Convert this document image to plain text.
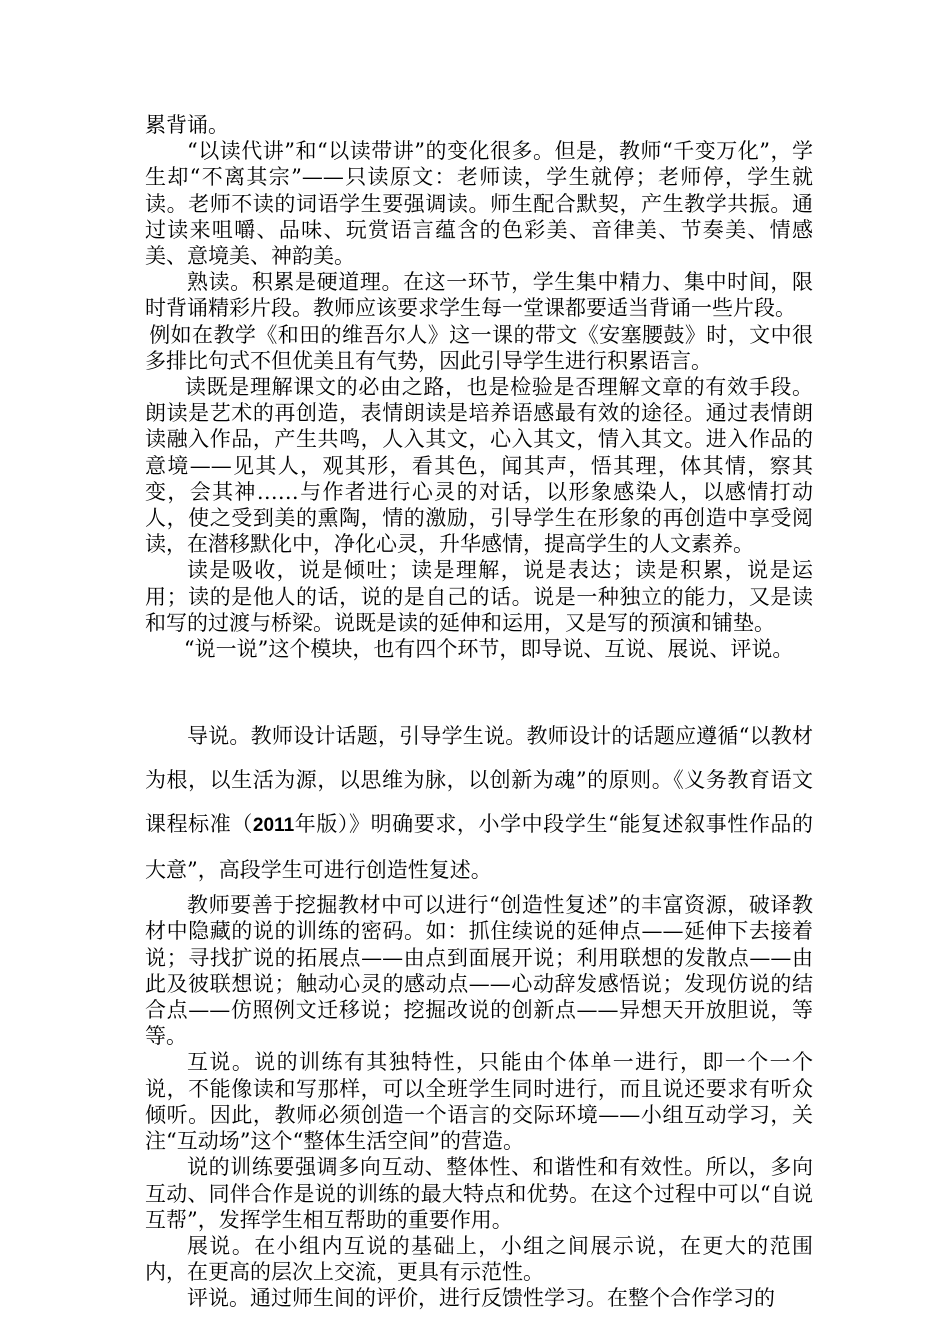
累背诵。

“以读代讲”和“以读带讲”的变化很多。但是，教师“千变万化”，学生却“不离其宗”——只读原文：老师读，学生就停；老师停，学生就读。老师不读的词语学生要强调读。师生配合默契，产生教学共振。通过读来咀嚼、品味、玩赏语言蕴含的色彩美、音律美、节奏美、情感美、意境美、神韵美。

熟读。积累是硬道理。在这一环节，学生集中精力、集中时间，限时背诵精彩片段。教师应该要求学生每一堂课都要适当背诵一些片段。

例如在教学《和田的维吾尔人》这一课的带文《安塞腰鼓》时，文中很多排比句式不但优美且有气势，因此引导学生进行积累语言。

读既是理解课文的必由之路，也是检验是否理解文章的有效手段。朗读是艺术的再创造，表情朗读是培养语感最有效的途径。通过表情朗读融入作品，产生共鸣，人入其文，心入其文，情入其文。进入作品的意境——见其人，观其形，看其色，闻其声，悟其理，体其情，察其变，会其神……与作者进行心灵的对话，以形象感染人，以感情打动人，使之受到美的熏陶，情的激励，引导学生在形象的再创造中享受阅读，在潜移默化中，净化心灵，升华感情，提高学生的人文素养。

读是吸收，说是倾吐；读是理解，说是表达；读是积累，说是运用；读的是他人的话，说的是自己的话。说是一种独立的能力，又是读和写的过渡与桥梁。说既是读的延伸和运用，又是写的预演和铺垫。

“说一说”这个模块，也有四个环节，即导说、互说、展说、评说。

导说。教师设计话题，引导学生说。教师设计的话题应遵循“以教材为根，以生活为源，以思维为脉，以创新为魂”的原则。《义务教育语文课程标准（2011年版）》明确要求，小学中段学生“能复述叙事性作品的大意”，高段学生可进行创造性复述。

教师要善于挖掘教材中可以进行“创造性复述”的丰富资源，破译教材中隐藏的说的训练的密码。如：抓住续说的延伸点——延伸下去接着说；寻找扩说的拓展点——由点到面展开说；利用联想的发散点——由此及彼联想说；触动心灵的感动点——心动辞发感悟说；发现仿说的结合点——仿照例文迁移说；挖掘改说的创新点——异想天开放胆说，等等。

互说。说的训练有其独特性，只能由个体单一进行，即一个一个说，不能像读和写那样，可以全班学生同时进行，而且说还要求有听众倾听。因此，教师必须创造一个语言的交际环境——小组互动学习，关注“互动场”这个“整体生活空间”的营造。

说的训练要强调多向互动、整体性、和谐性和有效性。所以，多向互动、同伴合作是说的训练的最大特点和优势。在这个过程中可以“自说互帮”，发挥学生相互帮助的重要作用。

展说。在小组内互说的基础上，小组之间展示说，在更大的范围内，在更高的层次上交流，更具有示范性。

评说。通过师生间的评价，进行反馈性学习。在整个合作学习的
